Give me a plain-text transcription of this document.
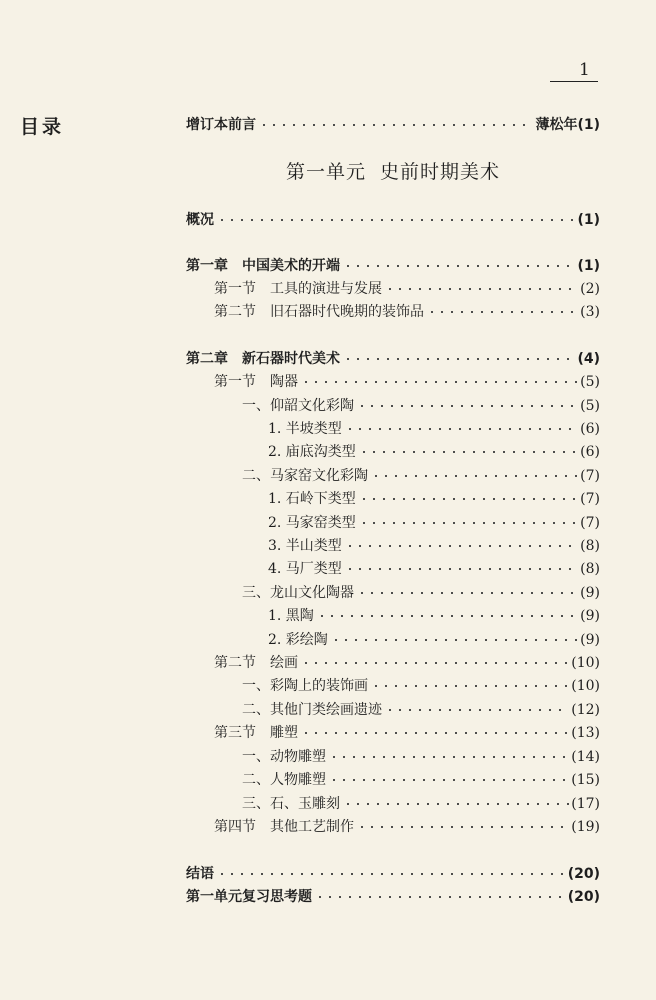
1
目录	增订本前言	薄松年(1)
第一单元 史前时期美术
概况	(1)
第一章　中国美术的开端	(1)
第一节　工具的演进与发展	(2)
第二节　旧石器时代晚期的装饰品	(3)
第二章　新石器时代美术	(4)
第一节　陶器	(5)
一、仰韶文化彩陶	(5)
1. 半坡类型	(6)
2. 庙底沟类型	(6)
二、马家窑文化彩陶	(7)
1. 石岭下类型	(7)
2. 马家窑类型	(7)
3. 半山类型	(8)
4. 马厂类型	(8)
三、龙山文化陶器	(9)
1. 黑陶	(9)
2. 彩绘陶	(9)
第二节　绘画	(10)
一、彩陶上的装饰画	(10)
二、其他门类绘画遗迹	(12)
第三节　雕塑	(13)
一、动物雕塑	(14)
二、人物雕塑	(15)
三、石、玉雕刻	(17)
第四节　其他工艺制作	(19)
结语	(20)
第一单元复习思考题	(20)
